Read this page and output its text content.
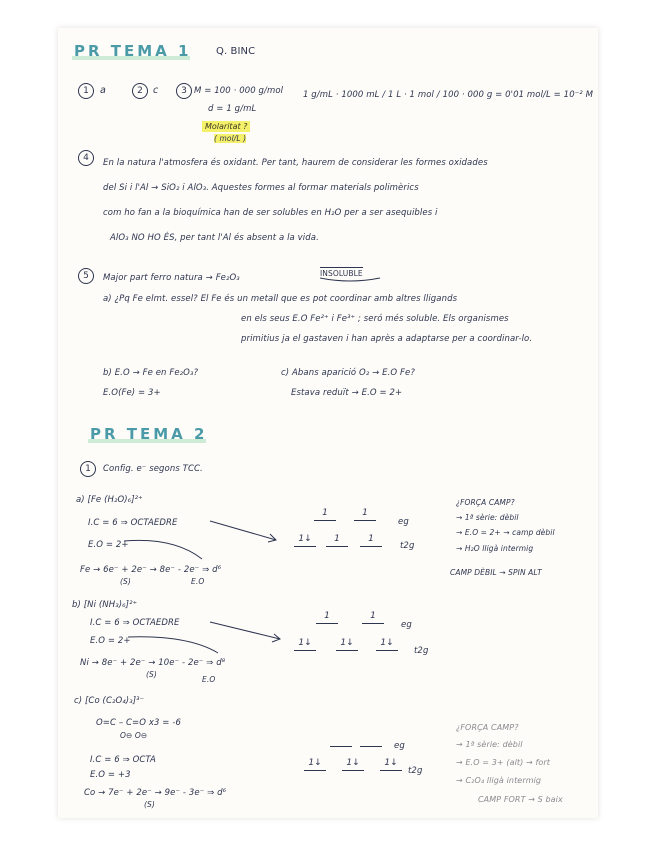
PR TEMA 1 Q. BINC
1	a	2	c	3 M = 100 · 000 g/mol
d = 1 g/mL
1 g/mL · 1000 mL / 1 L · 1 mol / 100 · 000 g = 0'01 mol/L = 10⁻² M
Molaritat ?
( mol/L )
4	En la natura l'atmosfera és oxidant. Per tant, haurem de considerar les formes oxidades
del Si i l'Al → SiO₂ i AlO₃. Aquestes formes al formar materials polimèrics
com ho fan a la bioquímica han de ser solubles en H₂O per a ser asequibles i
AlO₃ NO HO ÉS, per tant l'Al és absent a la vida.
5	Major part ferro natura → Fe₂O₃	INSOLUBLE
a) ¿Pq Fe elmt. essel? El Fe és un metall que es pot coordinar amb altres lligands
en els seus E.O Fe²⁺ i Fe³⁺ ; seró més soluble. Els organismes
primitius ja el gastaven i han après a adaptarse per a coordinar-lo.
b) E.O → Fe en Fe₂O₃?
E.O(Fe) = 3+
c) Abans aparició O₂ → E.O Fe?
Estava reduït → E.O = 2+
PR TEMA 2
1	Config. e⁻ segons TCC.
a) [Fe (H₂O)₆]²⁺
I.C = 6 ⇒ OCTAEDRE
E.O = 2+
Fe → 6e⁻ + 2e⁻ → 8e⁻ - 2e⁻ ⇒ d⁶
(S)	E.O
1	1
eg
1↓	1	1
t2g
¿FORÇA CAMP?
→ 1ª sèrie: dèbil
→ E.O = 2+ → camp dèbil
→ H₂O lligà intermig
CAMP DÈBIL → SPIN ALT
b) [Ni (NH₃)₆]²⁺
I.C = 6 ⇒ OCTAEDRE
E.O = 2+
Ni → 8e⁻ + 2e⁻ → 10e⁻ - 2e⁻ ⇒ d⁸
(S)
E.O
1	1
eg
1↓	1↓	1↓
t2g
c) [Co (C₂O₄)₃]³⁻
O=C – C=O x3 = -6
O⊖ O⊖
I.C = 6 ⇒ OCTA
E.O = +3
Co → 7e⁻ + 2e⁻ → 9e⁻ - 3e⁻ ⇒ d⁶
(S)
eg
1↓	1↓	1↓
t2g
¿FORÇA CAMP?
→ 1ª sèrie: dèbil
→ E.O = 3+ (alt) → fort
→ C₂O₄ lligà intermig
CAMP FORT → S baix
